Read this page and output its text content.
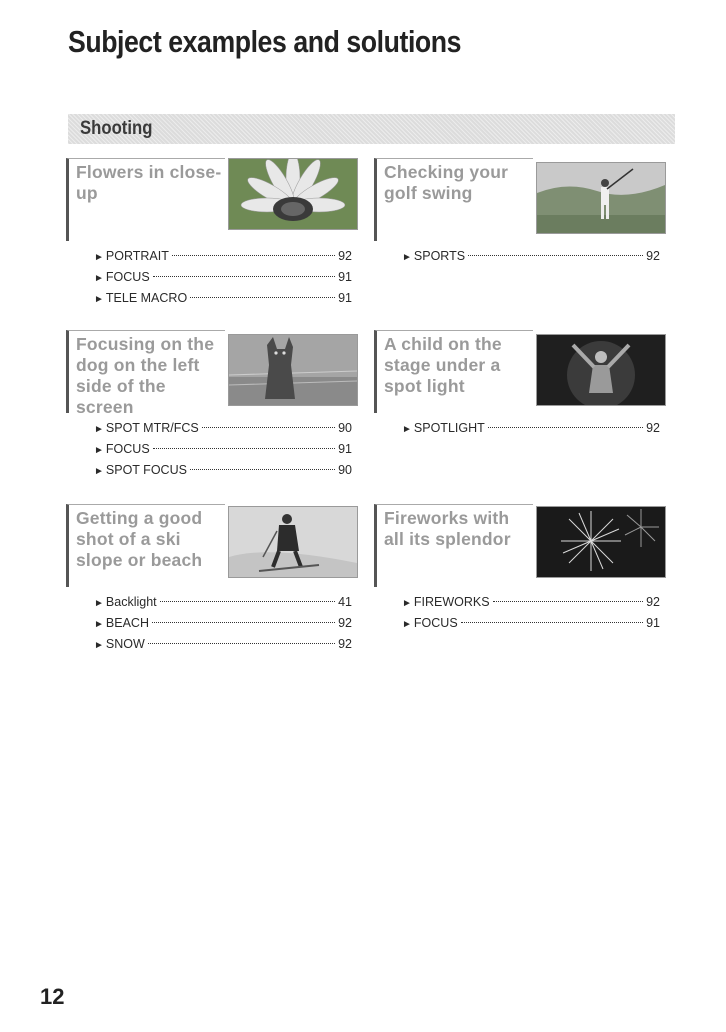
Subject examples and solutions
Shooting
Flowers in close-up
► PORTRAIT	92
► FOCUS	91
► TELE MACRO	91
Checking your golf swing
► SPORTS	92
Focusing on the dog on the left side of the screen
► SPOT MTR/FCS	90
► FOCUS	91
► SPOT FOCUS	90
A child on the stage under a spot light
► SPOTLIGHT	92
Getting a good shot of a ski slope or beach
► Backlight	41
► BEACH	92
► SNOW	92
Fireworks with all its splendor
► FIREWORKS	92
► FOCUS	91
12
